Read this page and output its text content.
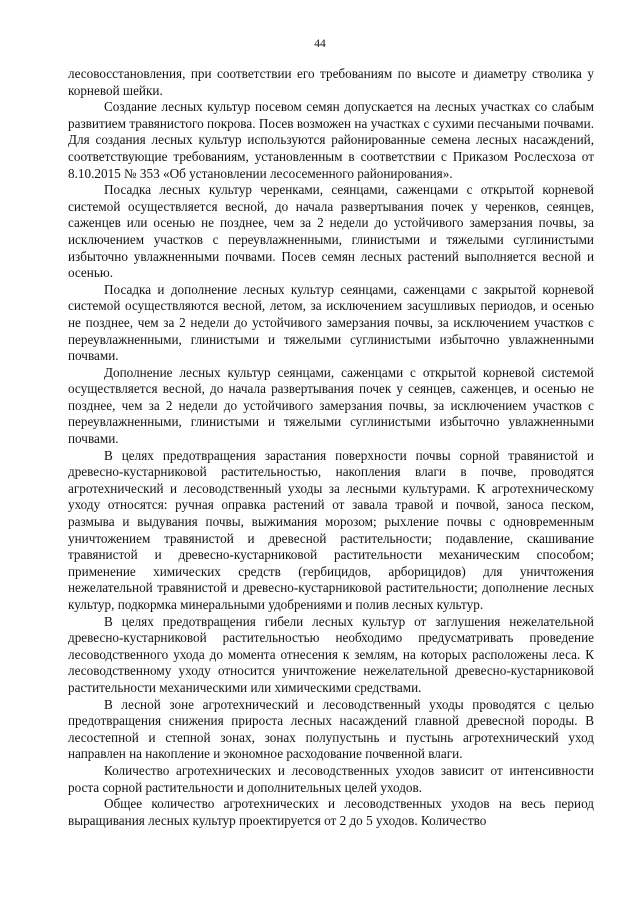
44

лесовосстановления, при соответствии его требованиям по высоте и диаметру стволика у корневой шейки.

Создание лесных культур посевом семян допускается на лесных участках со слабым развитием травянистого покрова. Посев возможен на участках с сухими песчаными почвами. Для создания лесных культур используются районированные семена лесных насаждений, соответствующие требованиям, установленным в соответствии с Приказом Рослесхоза от 8.10.2015 № 353 «Об установлении лесосеменного районирования».

Посадка лесных культур черенками, сеянцами, саженцами с открытой корневой системой осуществляется весной, до начала развертывания почек у черенков, сеянцев, саженцев или осенью не позднее, чем за 2 недели до устойчивого замерзания почвы, за исключением участков с переувлажненными, глинистыми и тяжелыми суглинистыми избыточно увлажненными почвами. Посев семян лесных растений выполняется весной и осенью.

Посадка и дополнение лесных культур сеянцами, саженцами с закрытой корневой системой осуществляются весной, летом, за исключением засушливых периодов, и осенью не позднее, чем за 2 недели до устойчивого замерзания почвы, за исключением участков с переувлажненными, глинистыми и тяжелыми суглинистыми избыточно увлажненными почвами.

Дополнение лесных культур сеянцами, саженцами с открытой корневой системой осуществляется весной, до начала развертывания почек у сеянцев, саженцев, и осенью не позднее, чем за 2 недели до устойчивого замерзания почвы, за исключением участков с переувлажненными, глинистыми и тяжелыми суглинистыми избыточно увлажненными почвами.

В целях предотвращения зарастания поверхности почвы сорной травянистой и древесно-кустарниковой растительностью, накопления влаги в почве, проводятся агротехнический и лесоводственный уходы за лесными культурами. К агротехническому уходу относятся: ручная оправка растений от завала травой и почвой, заноса песком, размыва и выдувания почвы, выжимания морозом; рыхление почвы с одновременным уничтожением травянистой и древесной растительности; подавление, скашивание травянистой и древесно-кустарниковой растительности механическим способом; применение химических средств (гербицидов, арборицидов) для уничтожения нежелательной травянистой и древесно-кустарниковой растительности; дополнение лесных культур, подкормка минеральными удобрениями и полив лесных культур.

В целях предотвращения гибели лесных культур от заглушения нежелательной древесно-кустарниковой растительностью необходимо предусматривать проведение лесоводственного ухода до момента отнесения к землям, на которых расположены леса. К лесоводственному уходу относится уничтожение нежелательной древесно-кустарниковой растительности механическими или химическими средствами.

В лесной зоне агротехнический и лесоводственный уходы проводятся с целью предотвращения снижения прироста лесных насаждений главной древесной породы. В лесостепной и степной зонах, зонах полупустынь и пустынь агротехнический уход направлен на накопление и экономное расходование почвенной влаги.

Количество агротехнических и лесоводственных уходов зависит от интенсивности роста сорной растительности и дополнительных целей уходов.

Общее количество агротехнических и лесоводственных уходов на весь период выращивания лесных культур проектируется от 2 до 5 уходов. Количество
